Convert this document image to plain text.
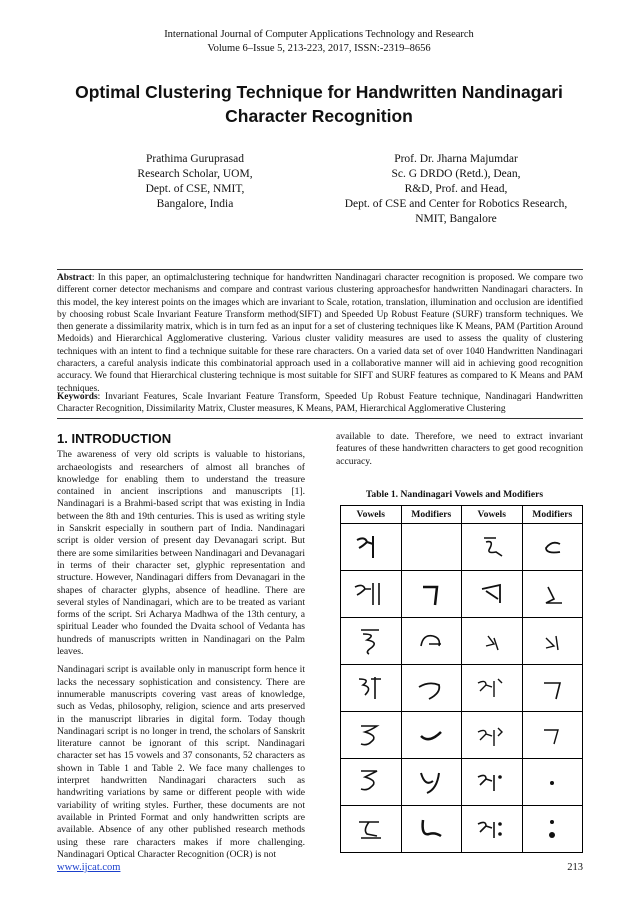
International Journal of Computer Applications Technology and Research
Volume 6–Issue 5, 213-223, 2017, ISSN:-2319–8656
Optimal Clustering Technique for Handwritten Nandinagari Character Recognition
Prathima Guruprasad
Research Scholar, UOM,
Dept. of CSE, NMIT,
Bangalore, India
Prof. Dr. Jharna Majumdar
Sc. G DRDO (Retd.), Dean,
R&D, Prof. and Head,
Dept. of CSE and Center for Robotics Research,
NMIT, Bangalore
Abstract: In this paper, an optimalclustering technique for handwritten Nandinagari character recognition is proposed. We compare two different corner detector mechanisms and compare and contrast various clustering approachesfor handwritten Nandinagari characters. In this model, the key interest points on the images which are invariant to Scale, rotation, translation, illumination and occlusion are identified by choosing robust Scale Invariant Feature Transform method(SIFT) and Speeded Up Robust Feature (SURF) transform techniques. We then generate a dissimilarity matrix, which is in turn fed as an input for a set of clustering techniques like K Means, PAM (Partition Around Medoids) and Hierarchical Agglomerative clustering. Various cluster validity measures are used to assess the quality of clustering techniques with an intent to find a technique suitable for these rare characters. On a varied data set of over 1040 Handwritten Nandinagari characters, a careful analysis indicate this combinatorial approach used in a collaborative manner will aid in achieving good recognition accuracy. We found that Hierarchical clustering technique is most suitable for SIFT and SURF features as compared to K Means and PAM techniques.
Keywords: Invariant Features, Scale Invariant Feature Transform, Speeded Up Robust Feature technique, Nandinagari Handwritten Character Recognition, Dissimilarity Matrix, Cluster measures, K Means, PAM, Hierarchical Agglomerative Clustering
1. INTRODUCTION

The awareness of very old scripts is valuable to historians, archaeologists and researchers of almost all branches of knowledge for enabling them to understand the treasure contained in ancient inscriptions and manuscripts [1]. Nandinagari is a Brahmi-based script that was existing in India between the 8th and 19th centuries. This is used as writing style in Sanskrit especially in southern part of India. Nandinagari script is older version of present day Devanagari script. But there are some similarities between Nandinagari and Devanagari in terms of their character set, glyphic representation and structure. However, Nandinagari differs from Devanagari in the shapes of character glyphs, absence of headline. There are several styles of Nandinagari, which are to be treated as variant forms of the script. Sri Acharya Madhwa of the 13th century, a spiritual Leader who founded the Dvaita school of Vedanta has hundreds of manuscripts written in Nandinagari on the Palm leaves.

Nandinagari script is available only in manuscript form hence it lacks the necessary sophistication and consistency. There are innumerable manuscripts covering vast areas of knowledge, such as Vedas, philosophy, religion, science and arts preserved in the manuscript libraries in digital form. Today though Nandinagari script is no longer in trend, the scholars of Sanskrit literature cannot be ignorant of this script. Nandinagari character set has 15 vowels and 37 consonants, 52 characters as shown in Table 1 and Table 2. We face many challenges to interpret handwritten Nandinagari characters such as handwriting variations by same or different people with wide variability of writing styles. Further, these documents are not available in Printed Format and only handwritten scripts are available. Absence of any other published research methods using these rare characters makes if more challenging. Nandinagari Optical Character Recognition (OCR) is not

available to date. Therefore, we need to extract invariant features of these handwritten characters to get good recognition accuracy.

Table 1. Nandinagari Vowels and Modifiers
Vowels	Modifiers	Vowels	Modifiers

www.ijcat.com	213
